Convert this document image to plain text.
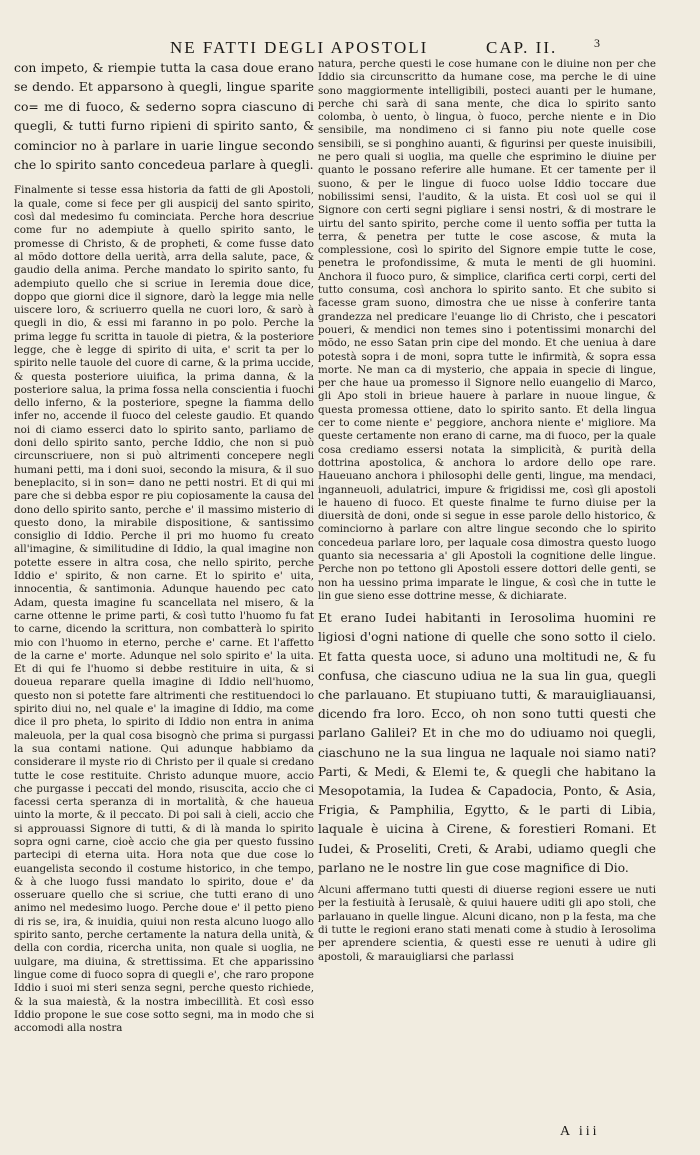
NE FATTI DEGLI APOSTOLI	CAP. II.	3

con impeto, & riempie tutta la casa doue erano se dendo. Et apparsono à quegli, lingue sparite co= me di fuoco, & sederno sopra ciascuno di quegli, & tutti furno ripieni di spirito santo, & comincior no à parlare in uarie lingue secondo che lo spirito santo concedeua parlare à quegli.

Finalmente si tesse essa historia da fatti de gli Apostoli, la quale, come si fece per gli auspicij del santo spirito, così dal medesimo fu cominciata. Perche hora descriue come fur no adempiute à quello spirito santo, le promesse di Christo, & de propheti, & come fusse dato al mõdo dottore della uerità, arra della salute, pace, & gaudio della anima. Perche mandato lo spirito santo, fu adempiuto quello che si scriue in Ieremia doue dice, doppo que giorni dice il signore, darò la legge mia nelle uiscere loro, & scriuerro quella ne cuori loro, & sarò à quegli in dio, & essi mi faranno in po polo. Perche la prima legge fu scritta in tauole di pietra, & la posteriore legge, che è legge di spirito di uita, e' scrit ta per lo spirito nelle tauole del cuore di carne, & la prima uccide, & questa posteriore uiuifica, la prima danna, & la posteriore salua, la prima fossa nella conscientia i fuochi dello inferno, & la posteriore, spegne la fiamma dello infer no, accende il fuoco del celeste gaudio. Et quando noi di ciamo esserci dato lo spirito santo, parliamo de doni dello spirito santo, perche Iddio, che non si può circunscriuere, non si può altrimenti concepere negli humani petti, ma i doni suoi, secondo la misura, & il suo beneplacito, si in son= dano ne petti nostri. Et di qui mi pare che si debba espor re piu copiosamente la causa del dono dello spirito santo, perche e' il massimo misterio di questo dono, la mirabile dispositione, & santissimo consiglio di Iddio. Perche il pri mo huomo fu creato all'imagine, & similitudine di Iddio, la qual imagine non potette essere in altra cosa, che nello spirito, perche Iddio e' spirito, & non carne. Et lo spirito e' uita, innocentia, & santimonia. Adunque hauendo pec cato Adam, questa imagine fu scancellata nel misero, & la carne ottenne le prime parti, & così tutto l'huomo fu fat to carne, dicendo la scrittura, non combatterà lo spirito mio con l'huomo in eterno, perche e' carne. Et l'affetto de la carne e' morte. Adunque nel solo spirito e' la uita. Et di qui fe l'huomo si debbe restituire in uita, & si doueua reparare quella imagine di Iddio nell'huomo, questo non si potette fare altrimenti che restituendoci lo spirito diui no, nel quale e' la imagine di Iddio, ma come dice il pro pheta, lo spirito di Iddio non entra in anima maleuola, per la qual cosa bisognò che prima si purgassi la sua contami natione. Qui adunque habbiamo da considerare il myste rio di Christo per il quale si credano tutte le cose restituite. Christo adunque muore, accio che purgasse i peccati del mondo, risuscita, accio che ci facessi certa speranza di in mortalità, & che haueua uinto la morte, & il peccato. Di poi sali à cieli, accio che si approuassi Signore di tutti, & di là manda lo spirito sopra ogni carne, cioè accio che gia per questo fussino partecipi di eterna uita. Hora nota que due cose lo euangelista secondo il costume historico, in che tempo, & à che luogo fussi mandato lo spirito, doue e' da osseruare quello che si scriue, che tutti erano di uno animo nel medesimo luogo. Perche doue e' il petto pieno di ris se, ira, & inuidia, quiui non resta alcuno luogo allo spirito santo, perche certamente la natura della unità, & della con cordia, ricercha unita, non quale si uoglia, ne uulgare, ma diuina, & strettissima. Et che apparissino lingue come di fuoco sopra di quegli e', che raro propone Iddio i suoi mi steri senza segni, perche questo richiede, & la sua maiestà, & la nostra imbecillità. Et così esso Iddio propone le sue cose sotto segni, ma in modo che si accomodi alla nostra

natura, perche questi le cose humane con le diuine non per che Iddio sia circunscritto da humane cose, ma perche le di uine sono maggiormente intelligibili, posteci auanti per le humane, perche chi sarà di sana mente, che dica lo spirito santo colomba, ò uento, ò lingua, ò fuoco, perche niente e in Dio sensibile, ma nondimeno ci si fanno piu note quelle cose sensibili, se si ponghino auanti, & figurinsi per queste inuisibili, ne pero quali si uoglia, ma quelle che esprimino le diuine per quanto le possano referire alle humane. Et cer tamente per il suono, & per le lingue di fuoco uolse Iddio toccare due nobilissimi sensi, l'audito, & la uista. Et così uol se qui il Signore con certi segni pigliare i sensi nostri, & di mostrare le uirtu del santo spirito, perche come il uento soffia per tutta la terra, & penetra per tutte le cose ascose, & muta la complessione, così lo spirito del Signore empie tutte le cose, penetra le profondissime, & muta le menti de gli huomini. Anchora il fuoco puro, & simplice, clarifica certi corpi, certi del tutto consuma, così anchora lo spirito santo. Et che subito si facesse gram suono, dimostra che ue nisse à conferire tanta grandezza nel predicare l'euange lio di Christo, che i pescatori poueri, & mendici non temes sino i potentissimi monarchi del mõdo, ne esso Satan prin cipe del mondo. Et che ueniua à dare potestà sopra i de moni, sopra tutte le infirmità, & sopra essa morte. Ne man ca di mysterio, che appaia in specie di lingue, per che haue ua promesso il Signore nello euangelio di Marco, gli Apo stoli in brieue hauere à parlare in nuoue lingue, & questa promessa ottiene, dato lo spirito santo. Et della lingua cer to come niente e' peggiore, anchora niente e' migliore. Ma queste certamente non erano di carne, ma di fuoco, per la quale cosa crediamo essersi notata la simplicità, & purità della dottrina apostolica, & anchora lo ardore dello ope rare. Haueuano anchora i philosophi delle genti, lingue, ma mendaci, inganneuoli, adulatrici, impure & frigidissi me, così gli apostoli le haueno di fuoco. Et queste finalme te furno diuise per la diuersità de doni, onde si segue in esse parole dello historico, & cominciorno à parlare con altre lingue secondo che lo spirito concedeua parlare loro, per laquale cosa dimostra questo luogo quanto sia necessaria a' gli Apostoli la cognitione delle lingue. Perche non po tettono gli Apostoli essere dottori delle genti, se non ha uessino prima imparate le lingue, & così che in tutte le lin gue sieno esse dottrine messe, & dichiarate.

Et erano Iudei habitanti in Ierosolima huomini re ligiosi d'ogni natione di quelle che sono sotto il cielo. Et fatta questa uoce, si aduno una moltitudi ne, & fu confusa, che ciascuno udiua ne la sua lin gua, quegli che parlauano. Et stupiuano tutti, & marauigliauansi, dicendo fra loro. Ecco, oh non sono tutti questi che parlano Galilei? Et in che mo do udiuamo noi quegli, ciaschuno ne la sua lingua ne laquale noi siamo nati? Parti, & Medi, & Elemi te, & quegli che habitano la Mesopotamia, la Iudea & Capadocia, Ponto, & Asia, Frigia, & Pamphilia, Egytto, & le parti di Libia, laquale è uicina à Cirene, & forestieri Romani. Et Iudei, & Proseliti, Creti, & Arabi, udiamo quegli che parlano ne le nostre lin gue cose magnifice di Dio.

Alcuni affermano tutti questi di diuerse regioni essere ue nuti per la festiuità à Ierusalè, & quiui hauere uditi gli apo stoli, che parlauano in quelle lingue. Alcuni dicano, non p la festa, ma che di tutte le regioni erano stati menati come à studio à Ierosolima per aprendere scientia, & questi esse re uenuti à udire gli apostoli, & marauigliarsi che parlassi

A iii
